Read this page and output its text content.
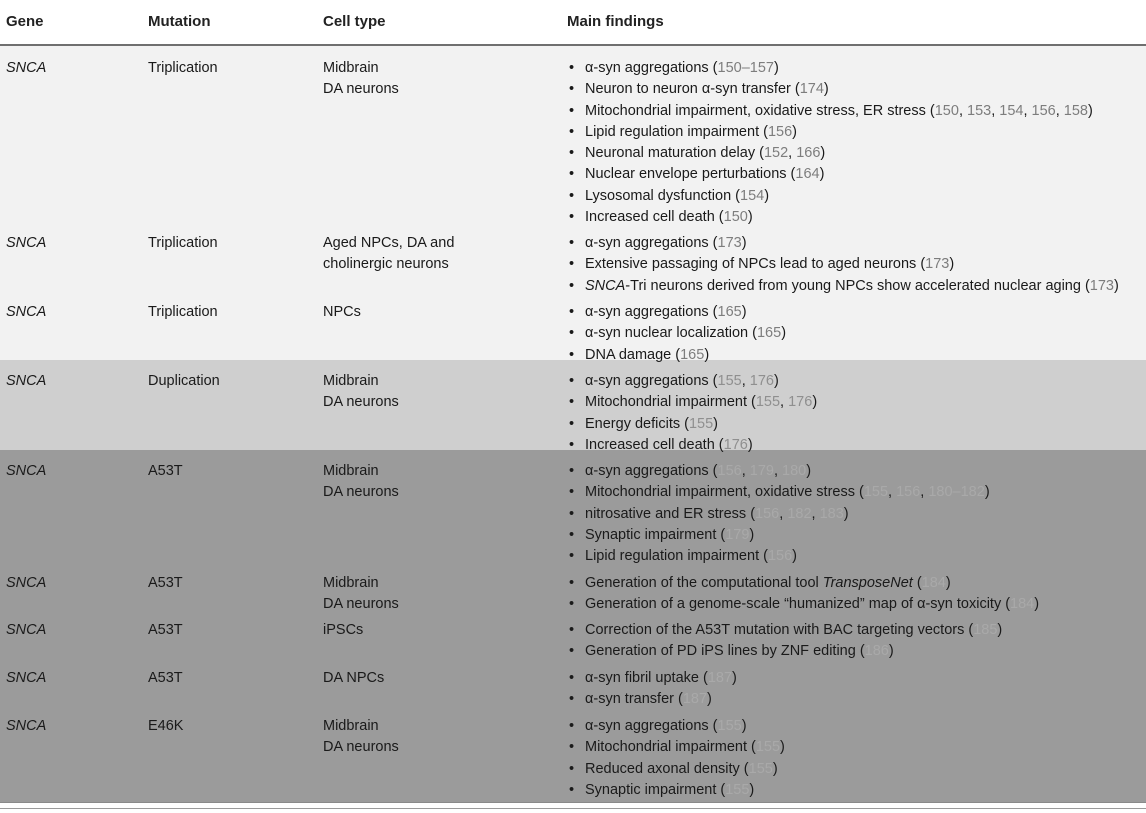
Gene	Mutation	Cell type	Main findings
SNCA	Triplication	Midbrain
DA neurons
• α-syn aggregations (150–157)
• Neuron to neuron α-syn transfer (174)
• Mitochondrial impairment, oxidative stress, ER stress (150, 153, 154, 156, 158)
• Lipid regulation impairment (156)
• Neuronal maturation delay (152, 166)
• Nuclear envelope perturbations (164)
• Lysosomal dysfunction (154)
• Increased cell death (150)
SNCA	Triplication	Aged NPCs, DA and
cholinergic neurons
• α-syn aggregations (173)
• Extensive passaging of NPCs lead to aged neurons (173)
• SNCA-Tri neurons derived from young NPCs show accelerated nuclear aging (173)
SNCA	Triplication	NPCs	• α-syn aggregations (165)
• α-syn nuclear localization (165)
• DNA damage (165)
SNCA	Duplication	Midbrain
DA neurons
• α-syn aggregations (155, 176)
• Mitochondrial impairment (155, 176)
• Energy deficits (155)
• Increased cell death (176)
SNCA	A53T	Midbrain
DA neurons
• α-syn aggregations (156, 179, 180)
• Mitochondrial impairment, oxidative stress (155, 156, 180–182)
• nitrosative and ER stress (156, 182, 183)
• Synaptic impairment (179)
• Lipid regulation impairment (156)
SNCA	A53T	Midbrain
DA neurons
• Generation of the computational tool TransposeNet (184)
• Generation of a genome-scale “humanized” map of α-syn toxicity (184)
SNCA	A53T	iPSCs	• Correction of the A53T mutation with BAC targeting vectors (185)
• Generation of PD iPS lines by ZNF editing (186)
SNCA	A53T	DA NPCs	• α-syn fibril uptake (187)
• α-syn transfer (187)
SNCA	E46K	Midbrain
DA neurons
• α-syn aggregations (155)
• Mitochondrial impairment (155)
• Reduced axonal density (155)
• Synaptic impairment (155)
